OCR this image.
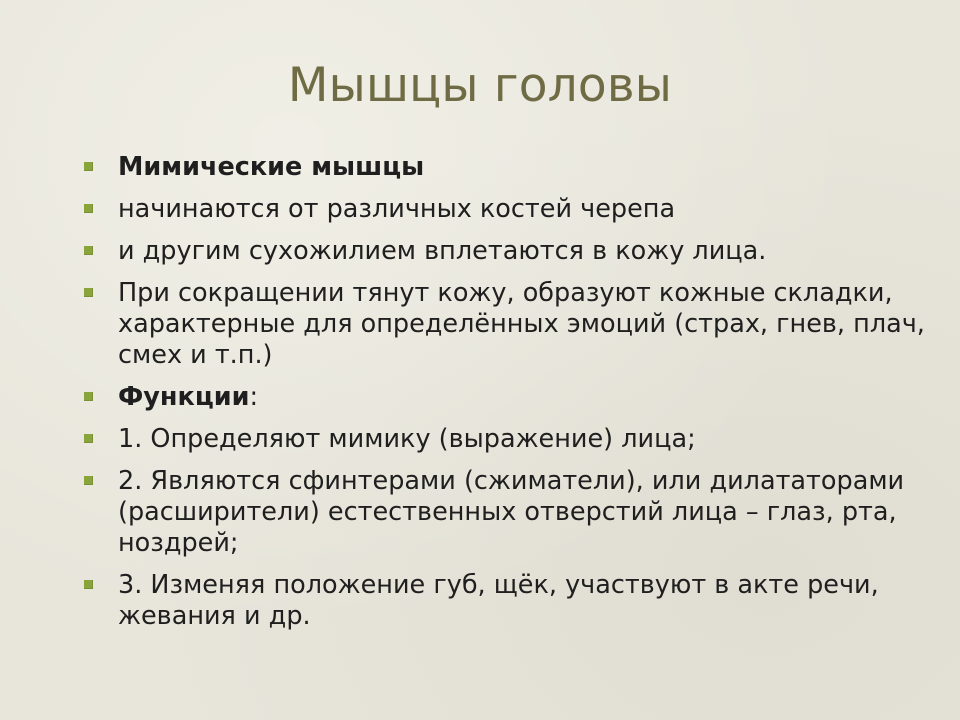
Мышцы головы
Мимические мышцы
начинаются от различных костей черепа
и другим сухожилием вплетаются в кожу лица.
При сокращении тянут кожу, образуют кожные складки, характерные для определённых эмоций (страх, гнев, плач, смех и т.п.)
Функции:
1. Определяют мимику (выражение) лица;
2. Являются сфинтерами (сжиматели), или дилататорами (расширители) естественных отверстий лица – глаз, рта, ноздрей;
3. Изменяя положение губ, щёк, участвуют в акте речи, жевания и др.
